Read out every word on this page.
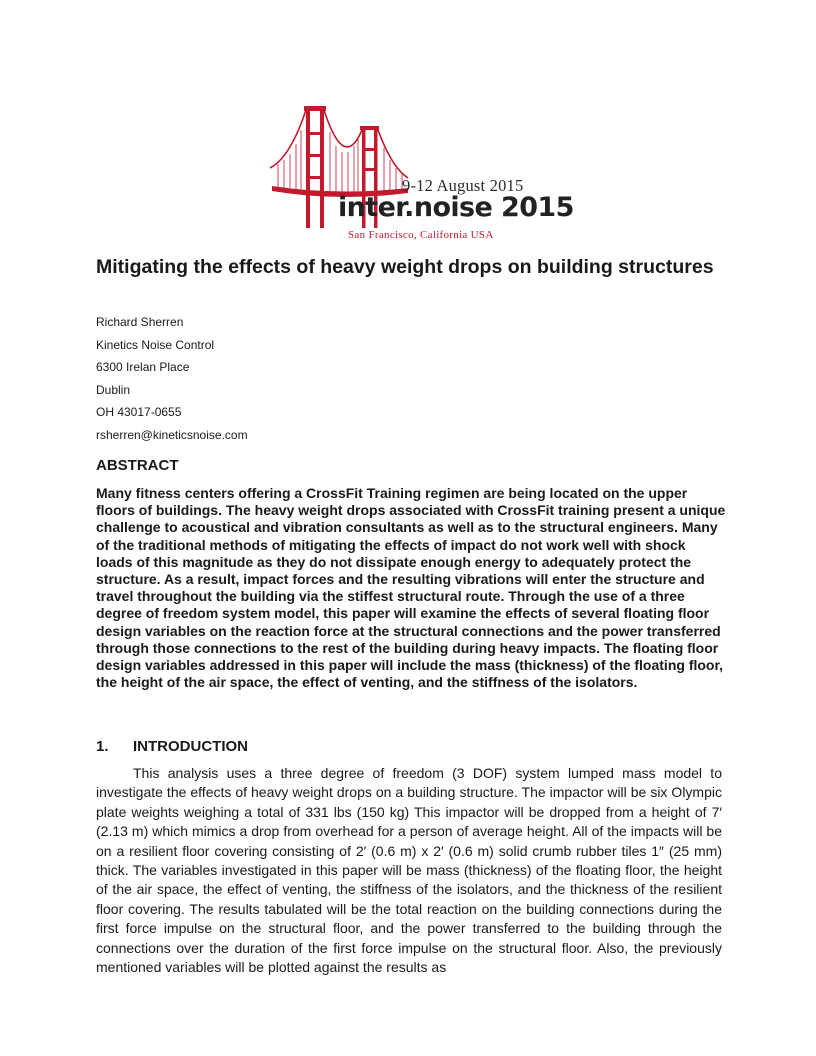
9-12 August 2015
inter.noise 2015
San Francisco, California USA
Mitigating the effects of heavy weight drops on building structures
Richard Sherren
Kinetics Noise Control
6300 Irelan Place
Dublin
OH 43017-0655
rsherren@kineticsnoise.com
ABSTRACT

Many fitness centers offering a CrossFit Training regimen are being located on the upper floors of buildings. The heavy weight drops associated with CrossFit training present a unique challenge to acoustical and vibration consultants as well as to the structural engineers. Many of the traditional methods of mitigating the effects of impact do not work well with shock loads of this magnitude as they do not dissipate enough energy to adequately protect the structure. As a result, impact forces and the resulting vibrations will enter the structure and travel throughout the building via the stiffest structural route. Through the use of a three degree of freedom system model, this paper will examine the effects of several floating floor design variables on the reaction force at the structural connections and the power transferred through those connections to the rest of the building during heavy impacts. The floating floor design variables addressed in this paper will include the mass (thickness) of the floating floor, the height of the air space, the effect of venting, and the stiffness of the isolators.

1. INTRODUCTION

This analysis uses a three degree of freedom (3 DOF) system lumped mass model to investigate the effects of heavy weight drops on a building structure. The impactor will be six Olympic plate weights weighing a total of 331 lbs (150 kg) This impactor will be dropped from a height of 7′ (2.13 m) which mimics a drop from overhead for a person of average height. All of the impacts will be on a resilient floor covering consisting of 2′ (0.6 m) x 2′ (0.6 m) solid crumb rubber tiles 1″ (25 mm) thick. The variables investigated in this paper will be mass (thickness) of the floating floor, the height of the air space, the effect of venting, the stiffness of the isolators, and the thickness of the resilient floor covering. The results tabulated will be the total reaction on the building connections during the first force impulse on the structural floor, and the power transferred to the building through the connections over the duration of the first force impulse on the structural floor. Also, the previously mentioned variables will be plotted against the results as
